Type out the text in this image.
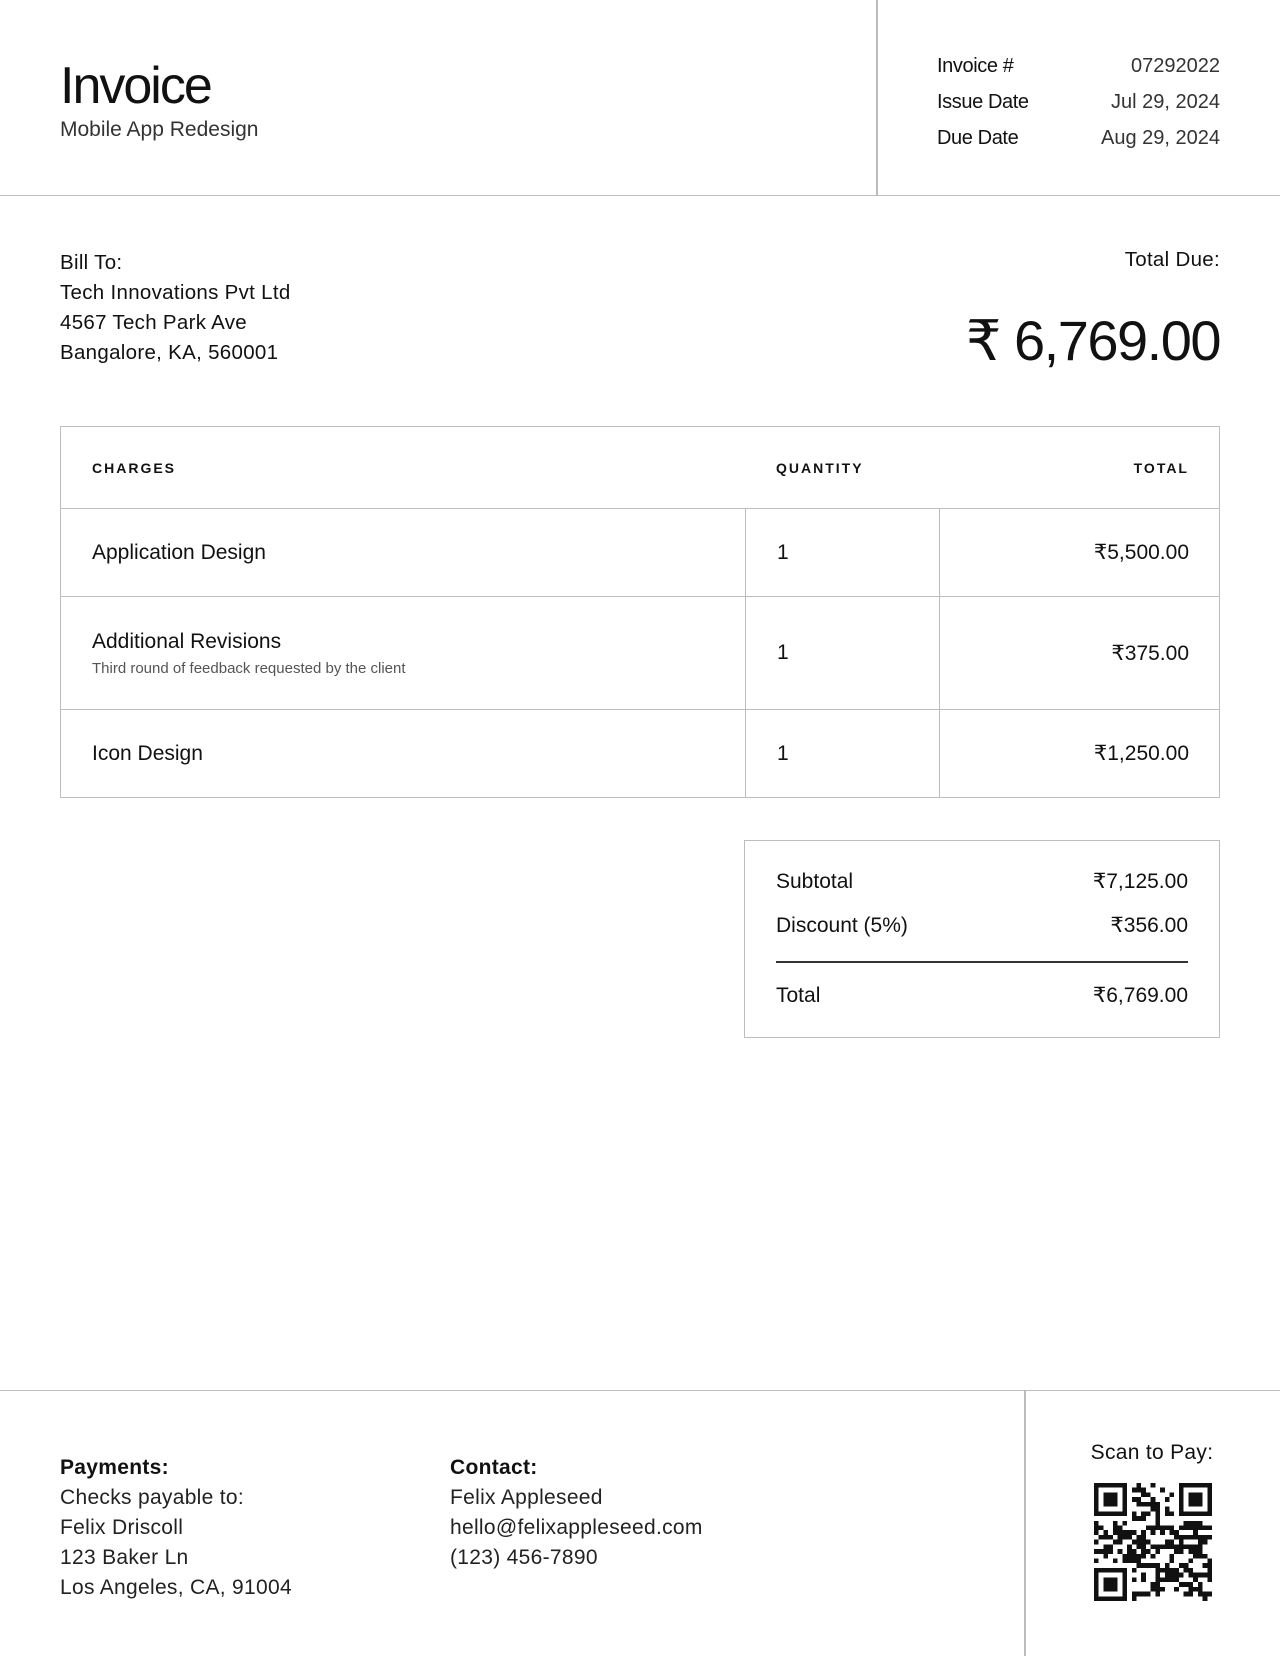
Invoice
Mobile App Redesign
Invoice #	07292022
Issue Date	Jul 29, 2024
Due Date	Aug 29, 2024
Bill To:
Tech Innovations Pvt Ltd
4567 Tech Park Ave
Bangalore, KA, 560001
Total Due:
₹ 6,769.00
CHARGES	QUANTITY	TOTAL
Application Design	1	₹5,500.00
Additional Revisions
Third round of feedback requested by the client
1	₹375.00
Icon Design	1	₹1,250.00
Subtotal	₹7,125.00
Discount (5%)	₹356.00
Total	₹6,769.00
Payments:
Checks payable to:
Felix Driscoll
123 Baker Ln
Los Angeles, CA, 91004
Contact:
Felix Appleseed
hello@felixappleseed.com
(123) 456-7890
Scan to Pay:
